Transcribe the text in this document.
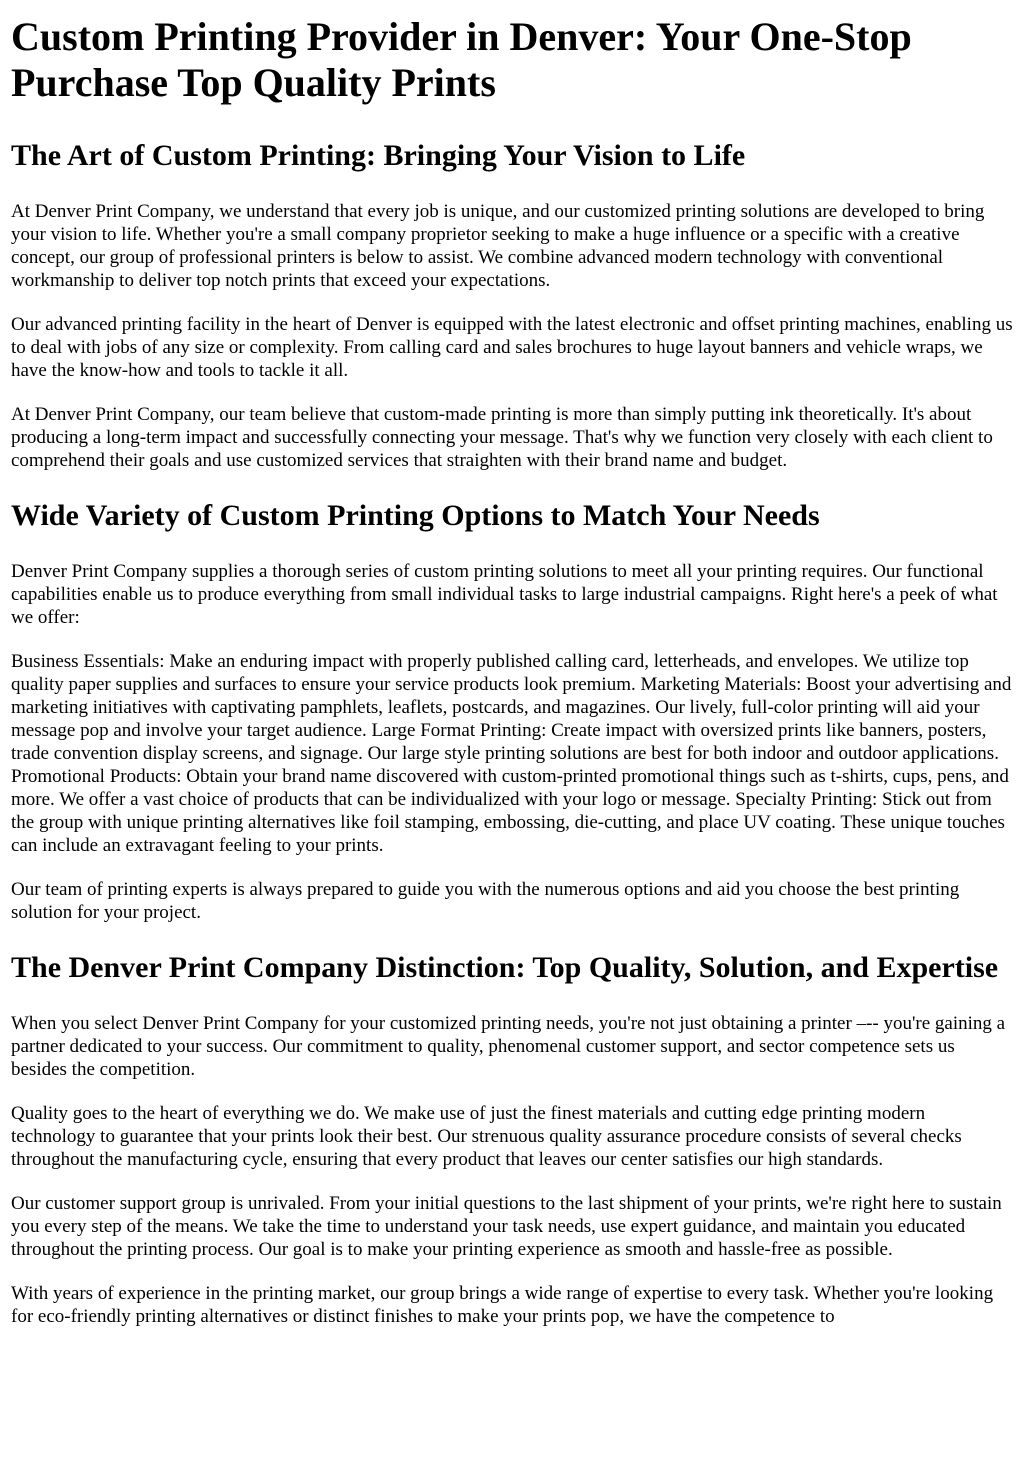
Custom Printing Provider in Denver: Your One-Stop Purchase Top Quality Prints
The Art of Custom Printing: Bringing Your Vision to Life

At Denver Print Company, we understand that every job is unique, and our customized printing solutions are developed to bring your vision to life. Whether you're a small company proprietor seeking to make a huge influence or a specific with a creative concept, our group of professional printers is below to assist. We combine advanced modern technology with conventional workmanship to deliver top notch prints that exceed your expectations.

Our advanced printing facility in the heart of Denver is equipped with the latest electronic and offset printing machines, enabling us to deal with jobs of any size or complexity. From calling card and sales brochures to huge layout banners and vehicle wraps, we have the know-how and tools to tackle it all.

At Denver Print Company, our team believe that custom-made printing is more than simply putting ink theoretically. It's about producing a long-term impact and successfully connecting your message. That's why we function very closely with each client to comprehend their goals and use customized services that straighten with their brand name and budget.

Wide Variety of Custom Printing Options to Match Your Needs

Denver Print Company supplies a thorough series of custom printing solutions to meet all your printing requires. Our functional capabilities enable us to produce everything from small individual tasks to large industrial campaigns. Right here's a peek of what we offer:

Business Essentials: Make an enduring impact with properly published calling card, letterheads, and envelopes. We utilize top quality paper supplies and surfaces to ensure your service products look premium. Marketing Materials: Boost your advertising and marketing initiatives with captivating pamphlets, leaflets, postcards, and magazines. Our lively, full-color printing will aid your message pop and involve your target audience. Large Format Printing: Create impact with oversized prints like banners, posters, trade convention display screens, and signage. Our large style printing solutions are best for both indoor and outdoor applications. Promotional Products: Obtain your brand name discovered with custom-printed promotional things such as t-shirts, cups, pens, and more. We offer a vast choice of products that can be individualized with your logo or message. Specialty Printing: Stick out from the group with unique printing alternatives like foil stamping, embossing, die-cutting, and place UV coating. These unique touches can include an extravagant feeling to your prints.

Our team of printing experts is always prepared to guide you with the numerous options and aid you choose the best printing solution for your project.

The Denver Print Company Distinction: Top Quality, Solution, and Expertise

When you select Denver Print Company for your customized printing needs, you're not just obtaining a printer –-- you're gaining a partner dedicated to your success. Our commitment to quality, phenomenal customer support, and sector competence sets us besides the competition.

Quality goes to the heart of everything we do. We make use of just the finest materials and cutting edge printing modern technology to guarantee that your prints look their best. Our strenuous quality assurance procedure consists of several checks throughout the manufacturing cycle, ensuring that every product that leaves our center satisfies our high standards.

Our customer support group is unrivaled. From your initial questions to the last shipment of your prints, we're right here to sustain you every step of the means. We take the time to understand your task needs, use expert guidance, and maintain you educated throughout the printing process. Our goal is to make your printing experience as smooth and hassle-free as possible.

With years of experience in the printing market, our group brings a wide range of expertise to every task. Whether you're looking for eco-friendly printing alternatives or distinct finishes to make your prints pop, we have the competence to
